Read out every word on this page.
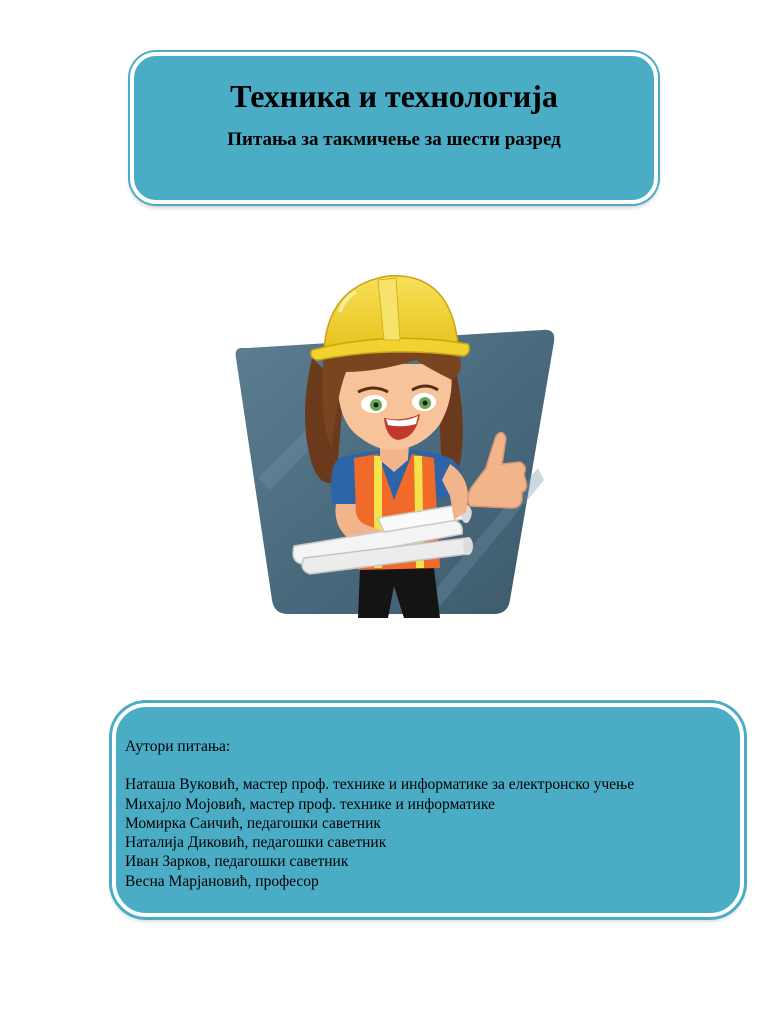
Техника и технологија
Питања за такмичење за шести разред

Аутори питања:

Наташа Вуковић, мастер проф. технике и информатике за електронско учење

Михајло Мојовић, мастер проф. технике и информатике

Момирка Саичић, педагошки саветник

Наталија Диковић, педагошки саветник

Иван Зарков, педагошки саветник

Весна Марјановић, професор
